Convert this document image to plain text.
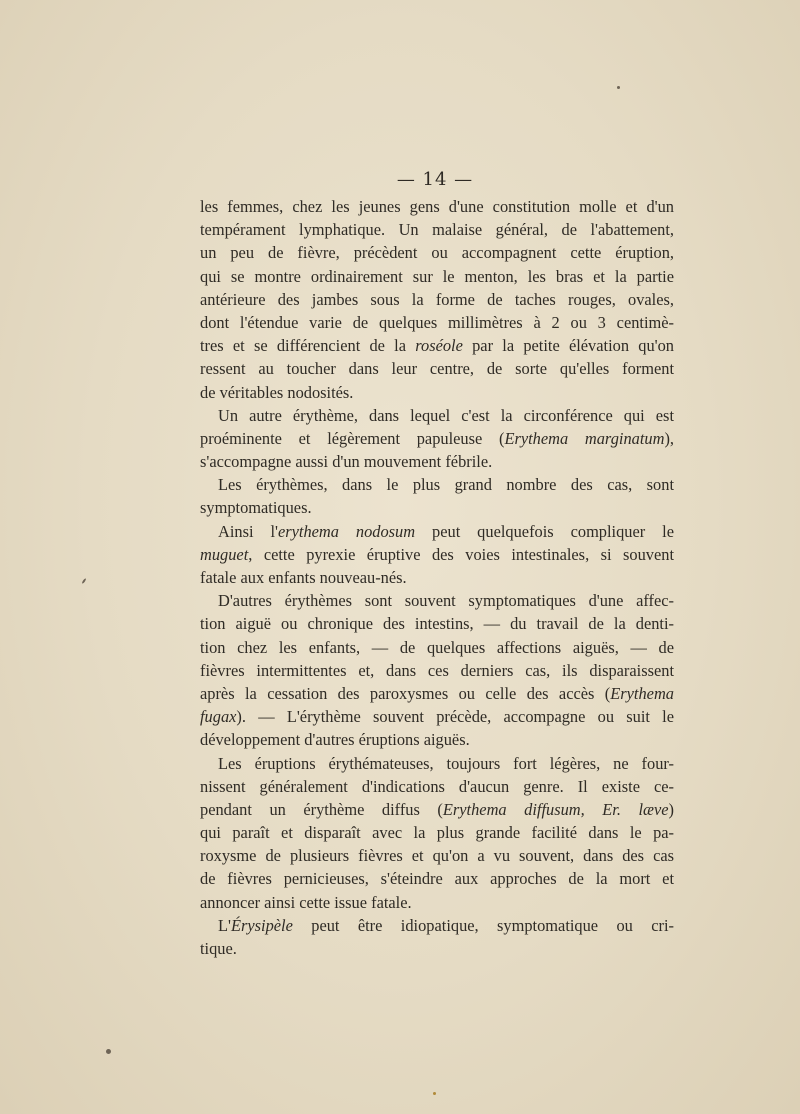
— 14 —
les femmes, chez les jeunes gens d'une constitution molle et d'un
tempérament lymphatique. Un malaise général, de l'abattement,
un peu de fièvre, précèdent ou accompagnent cette éruption,
qui se montre ordinairement sur le menton, les bras et la partie
antérieure des jambes sous la forme de taches rouges, ovales,
dont l'étendue varie de quelques millimètres à 2 ou 3 centimè-
tres et se différencient de la roséole par la petite élévation qu'on
ressent au toucher dans leur centre, de sorte qu'elles forment
de véritables nodosités.
Un autre érythème, dans lequel c'est la circonférence qui est
proéminente et légèrement papuleuse (Erythema marginatum),
s'accompagne aussi d'un mouvement fébrile.
Les érythèmes, dans le plus grand nombre des cas, sont
symptomatiques.
Ainsi l'erythema nodosum peut quelquefois compliquer le
muguet, cette pyrexie éruptive des voies intestinales, si souvent
fatale aux enfants nouveau-nés.
D'autres érythèmes sont souvent symptomatiques d'une affec-
tion aiguë ou chronique des intestins, — du travail de la denti-
tion chez les enfants, — de quelques affections aiguës, — de
fièvres intermittentes et, dans ces derniers cas, ils disparaissent
après la cessation des paroxysmes ou celle des accès (Erythema
fugax). — L'érythème souvent précède, accompagne ou suit le
développement d'autres éruptions aiguës.
Les éruptions érythémateuses, toujours fort légères, ne four-
nissent généralement d'indications d'aucun genre. Il existe ce-
pendant un érythème diffus (Erythema diffusum, Er. læve)
qui paraît et disparaît avec la plus grande facilité dans le pa-
roxysme de plusieurs fièvres et qu'on a vu souvent, dans des cas
de fièvres pernicieuses, s'éteindre aux approches de la mort et
annoncer ainsi cette issue fatale.
L'Érysipèle peut être idiopatique, symptomatique ou cri-
tique.
